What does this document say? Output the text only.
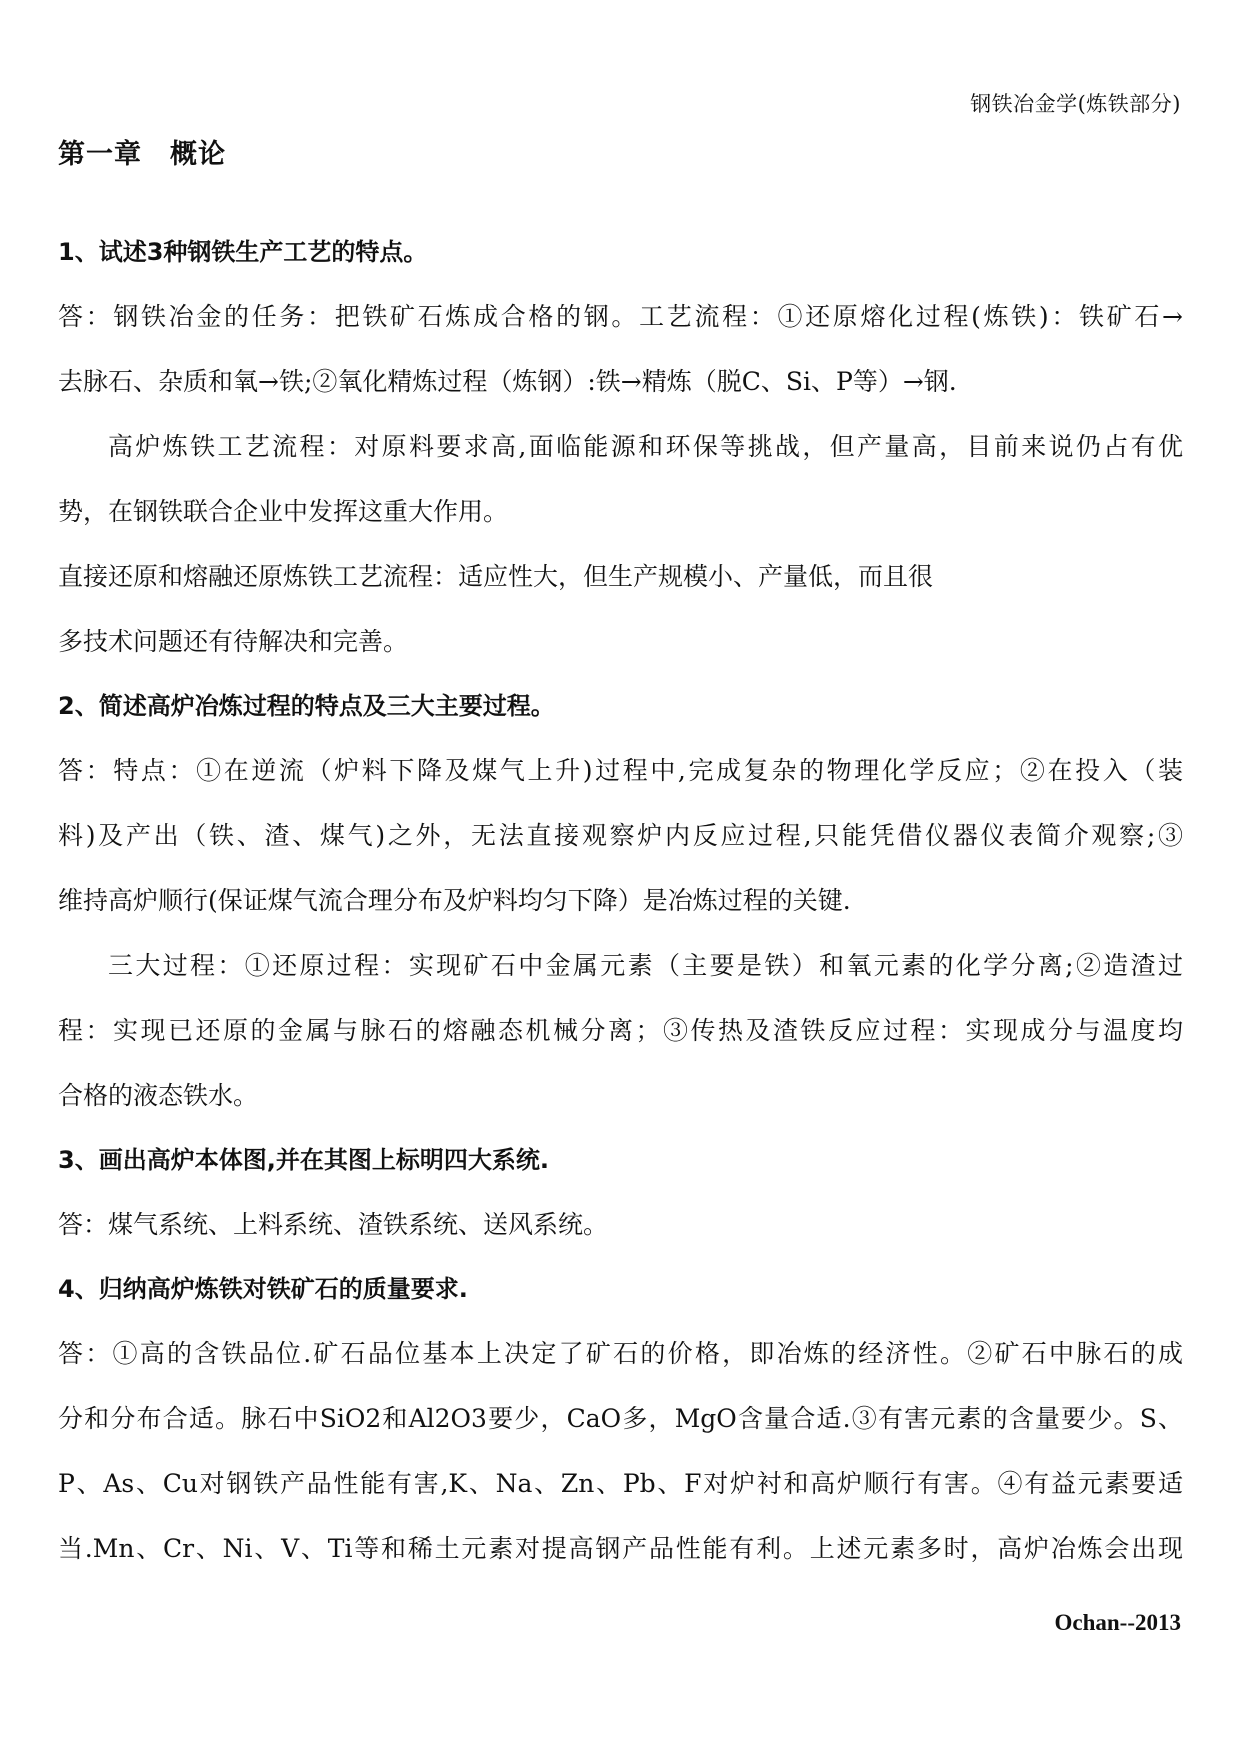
钢铁冶金学(炼铁部分)
第一章　概论

1、试述3种钢铁生产工艺的特点。

答：钢铁冶金的任务：把铁矿石炼成合格的钢。工艺流程：①还原熔化过程(炼铁)：铁矿石→

去脉石、杂质和氧→铁;②氧化精炼过程（炼钢）:铁→精炼（脱C、Si、P等）→钢.

高炉炼铁工艺流程：对原料要求高,面临能源和环保等挑战，但产量高，目前来说仍占有优

势，在钢铁联合企业中发挥这重大作用。

直接还原和熔融还原炼铁工艺流程：适应性大，但生产规模小、产量低，而且很

多技术问题还有待解决和完善。

2、简述高炉冶炼过程的特点及三大主要过程。

答：特点：①在逆流（炉料下降及煤气上升)过程中,完成复杂的物理化学反应；②在投入（装

料)及产出（铁、渣、煤气)之外，无法直接观察炉内反应过程,只能凭借仪器仪表简介观察;③

维持高炉顺行(保证煤气流合理分布及炉料均匀下降）是冶炼过程的关键.

三大过程：①还原过程：实现矿石中金属元素（主要是铁）和氧元素的化学分离;②造渣过

程：实现已还原的金属与脉石的熔融态机械分离；③传热及渣铁反应过程：实现成分与温度均

合格的液态铁水。

3、画出高炉本体图,并在其图上标明四大系统.

答：煤气系统、上料系统、渣铁系统、送风系统。

4、归纳高炉炼铁对铁矿石的质量要求.

答：①高的含铁品位.矿石品位基本上决定了矿石的价格，即冶炼的经济性。②矿石中脉石的成

分和分布合适。脉石中SiO2和Al2O3要少，CaO多，MgO含量合适.③有害元素的含量要少。S、

P、As、Cu对钢铁产品性能有害,K、Na、Zn、Pb、F对炉衬和高炉顺行有害。④有益元素要适

当.Mn、Cr、Ni、V、Ti等和稀土元素对提高钢产品性能有利。上述元素多时，高炉冶炼会出现

Ochan--2013
